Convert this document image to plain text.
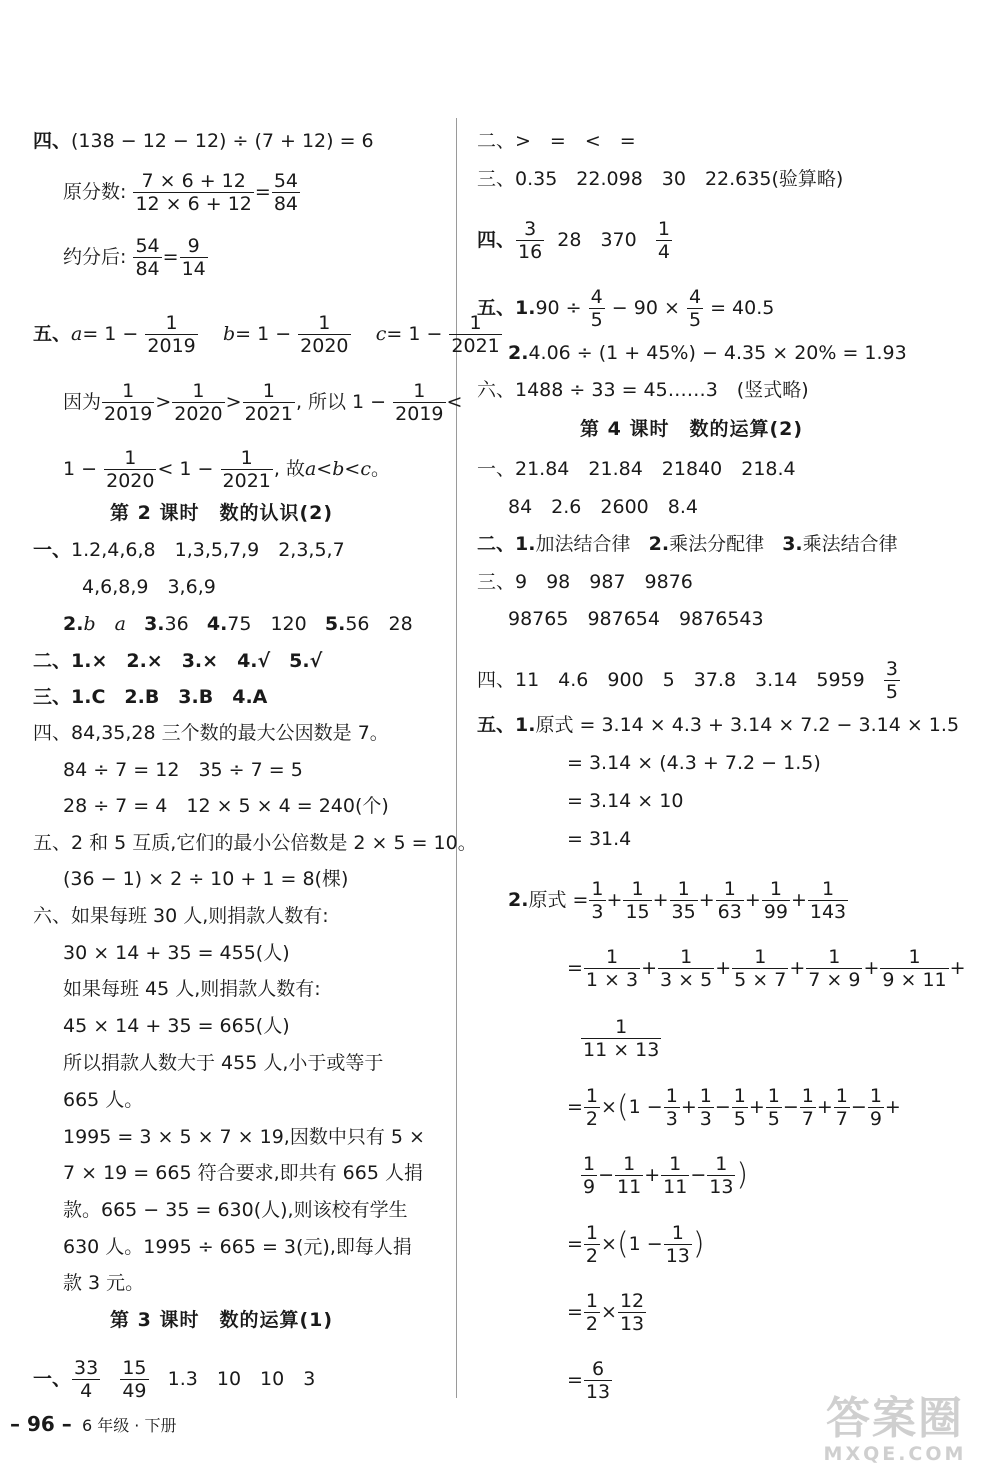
四、(138 − 12 − 12) ÷ (7 + 12) = 6
原分数: $\frac{7 \times 6 + 12}{12 \times 6 + 12} = \frac{54}{84}$
约分后: $\frac{54}{84} = \frac{9}{14}$
五、$a= 1 - \frac{1}{2019} b= 1 - \frac{1}{2020} c= 1 - \frac{1}{2021}$
因为 $\frac{1}{2019} > \frac{1}{2020} > \frac{1}{2021}$ , 所以 $1 - \frac{1}{2019}$ <
$1 - \frac{1}{2020} < 1 - \frac{1}{2021}$ , 故a<b<c。
第 2 课时　数的认识(2)
一、1.2,4,6,8　1,3,5,7,9　2,3,5,7
4,6,8,9　3,6,9
2.b　a 3.36 4.75　120 5.56　28
二、1.×　2.×　3.×　4.√　5.√
三、1.C　2.B　3.B　4.A
四、84,35,28 三个数的最大公因数是 7。
84 ÷ 7 = 12　35 ÷ 7 = 5
28 ÷ 7 = 4　12 × 5 × 4 = 240(个)
五、2 和 5 互质,它们的最小公倍数是 2 × 5 = 10。
(36 − 1) × 2 ÷ 10 + 1 = 8(棵)
六、如果每班 30 人,则捐款人数有:
30 × 14 + 35 = 455(人)
如果每班 45 人,则捐款人数有:
45 × 14 + 35 = 665(人)
所以捐款人数大于 455 人,小于或等于
665 人。
1995 = 3 × 5 × 7 × 19,因数中只有 5 ×
7 × 19 = 665 符合要求,即共有 665 人捐
款。665 − 35 = 630(人),则该校有学生
630 人。1995 ÷ 665 = 3(元),即每人捐
款 3 元。
第 3 课时　数的运算(1)
一、 $\frac{33}{4}$
$\frac{15}{49} 1.3$　10　10　3
二、>　=　<　=
三、0.35　22.098　30　22.635(验算略)
四、 $\frac{3}{16} 28$　$370 \frac{1}{4}$
五、$1.90 \div \frac{4}{5} - 90 \times \frac{4}{5} = 40.5$
2.4.06 ÷ (1 + 45%) − 4.35 × 20% = 1.93
六、1488 ÷ 33 = 45……3　(竖式略)
第 4 课时　数的运算(2)
一、21.84　21.84　21840　218.4
84　2.6　2600　8.4
二、1.加法结合律 2.乘法分配律 3.乘法结合律
三、9　98　987　9876
98765　987654　9876543
四、11　4.6　900　5　37.8　3.14　$5959 \frac{3}{5}$
五、1.原式 = 3.14 × 4.3 + 3.14 × 7.2 − 3.14 × 1.5
= 3.14 × (4.3 + 7.2 − 1.5)
= 3.14 × 10
= 31.4
2.原式 = $\frac{1}{3} + \frac{1}{15} + \frac{1}{35} + \frac{1}{63} + \frac{1}{99} + \frac{1}{143}$
= $\frac{1}{1 \times 3} + \frac{1}{3 \times 5} + \frac{1}{5 \times 7} + \frac{1}{7 \times 9} + \frac{1}{9 \times 11}$ +
$\frac{1}{11 \times 13}$
= $\frac{1}{2} \times(1 - \frac{1}{3} + \frac{1}{3} - \frac{1}{5} + \frac{1}{5} - \frac{1}{7} + \frac{1}{7} - \frac{1}{9}$ +
$\frac{1}{9} - \frac{1}{11} + \frac{1}{11} - \frac{1}{13}$ )
= $\frac{1}{2} \times(1 - \frac{1}{13}$ )
= $\frac{1}{2} \times \frac{12}{13}$
= $\frac{6}{13}$
– 96 – 6 年级 · 下册	答案圈
MXQE.COM
